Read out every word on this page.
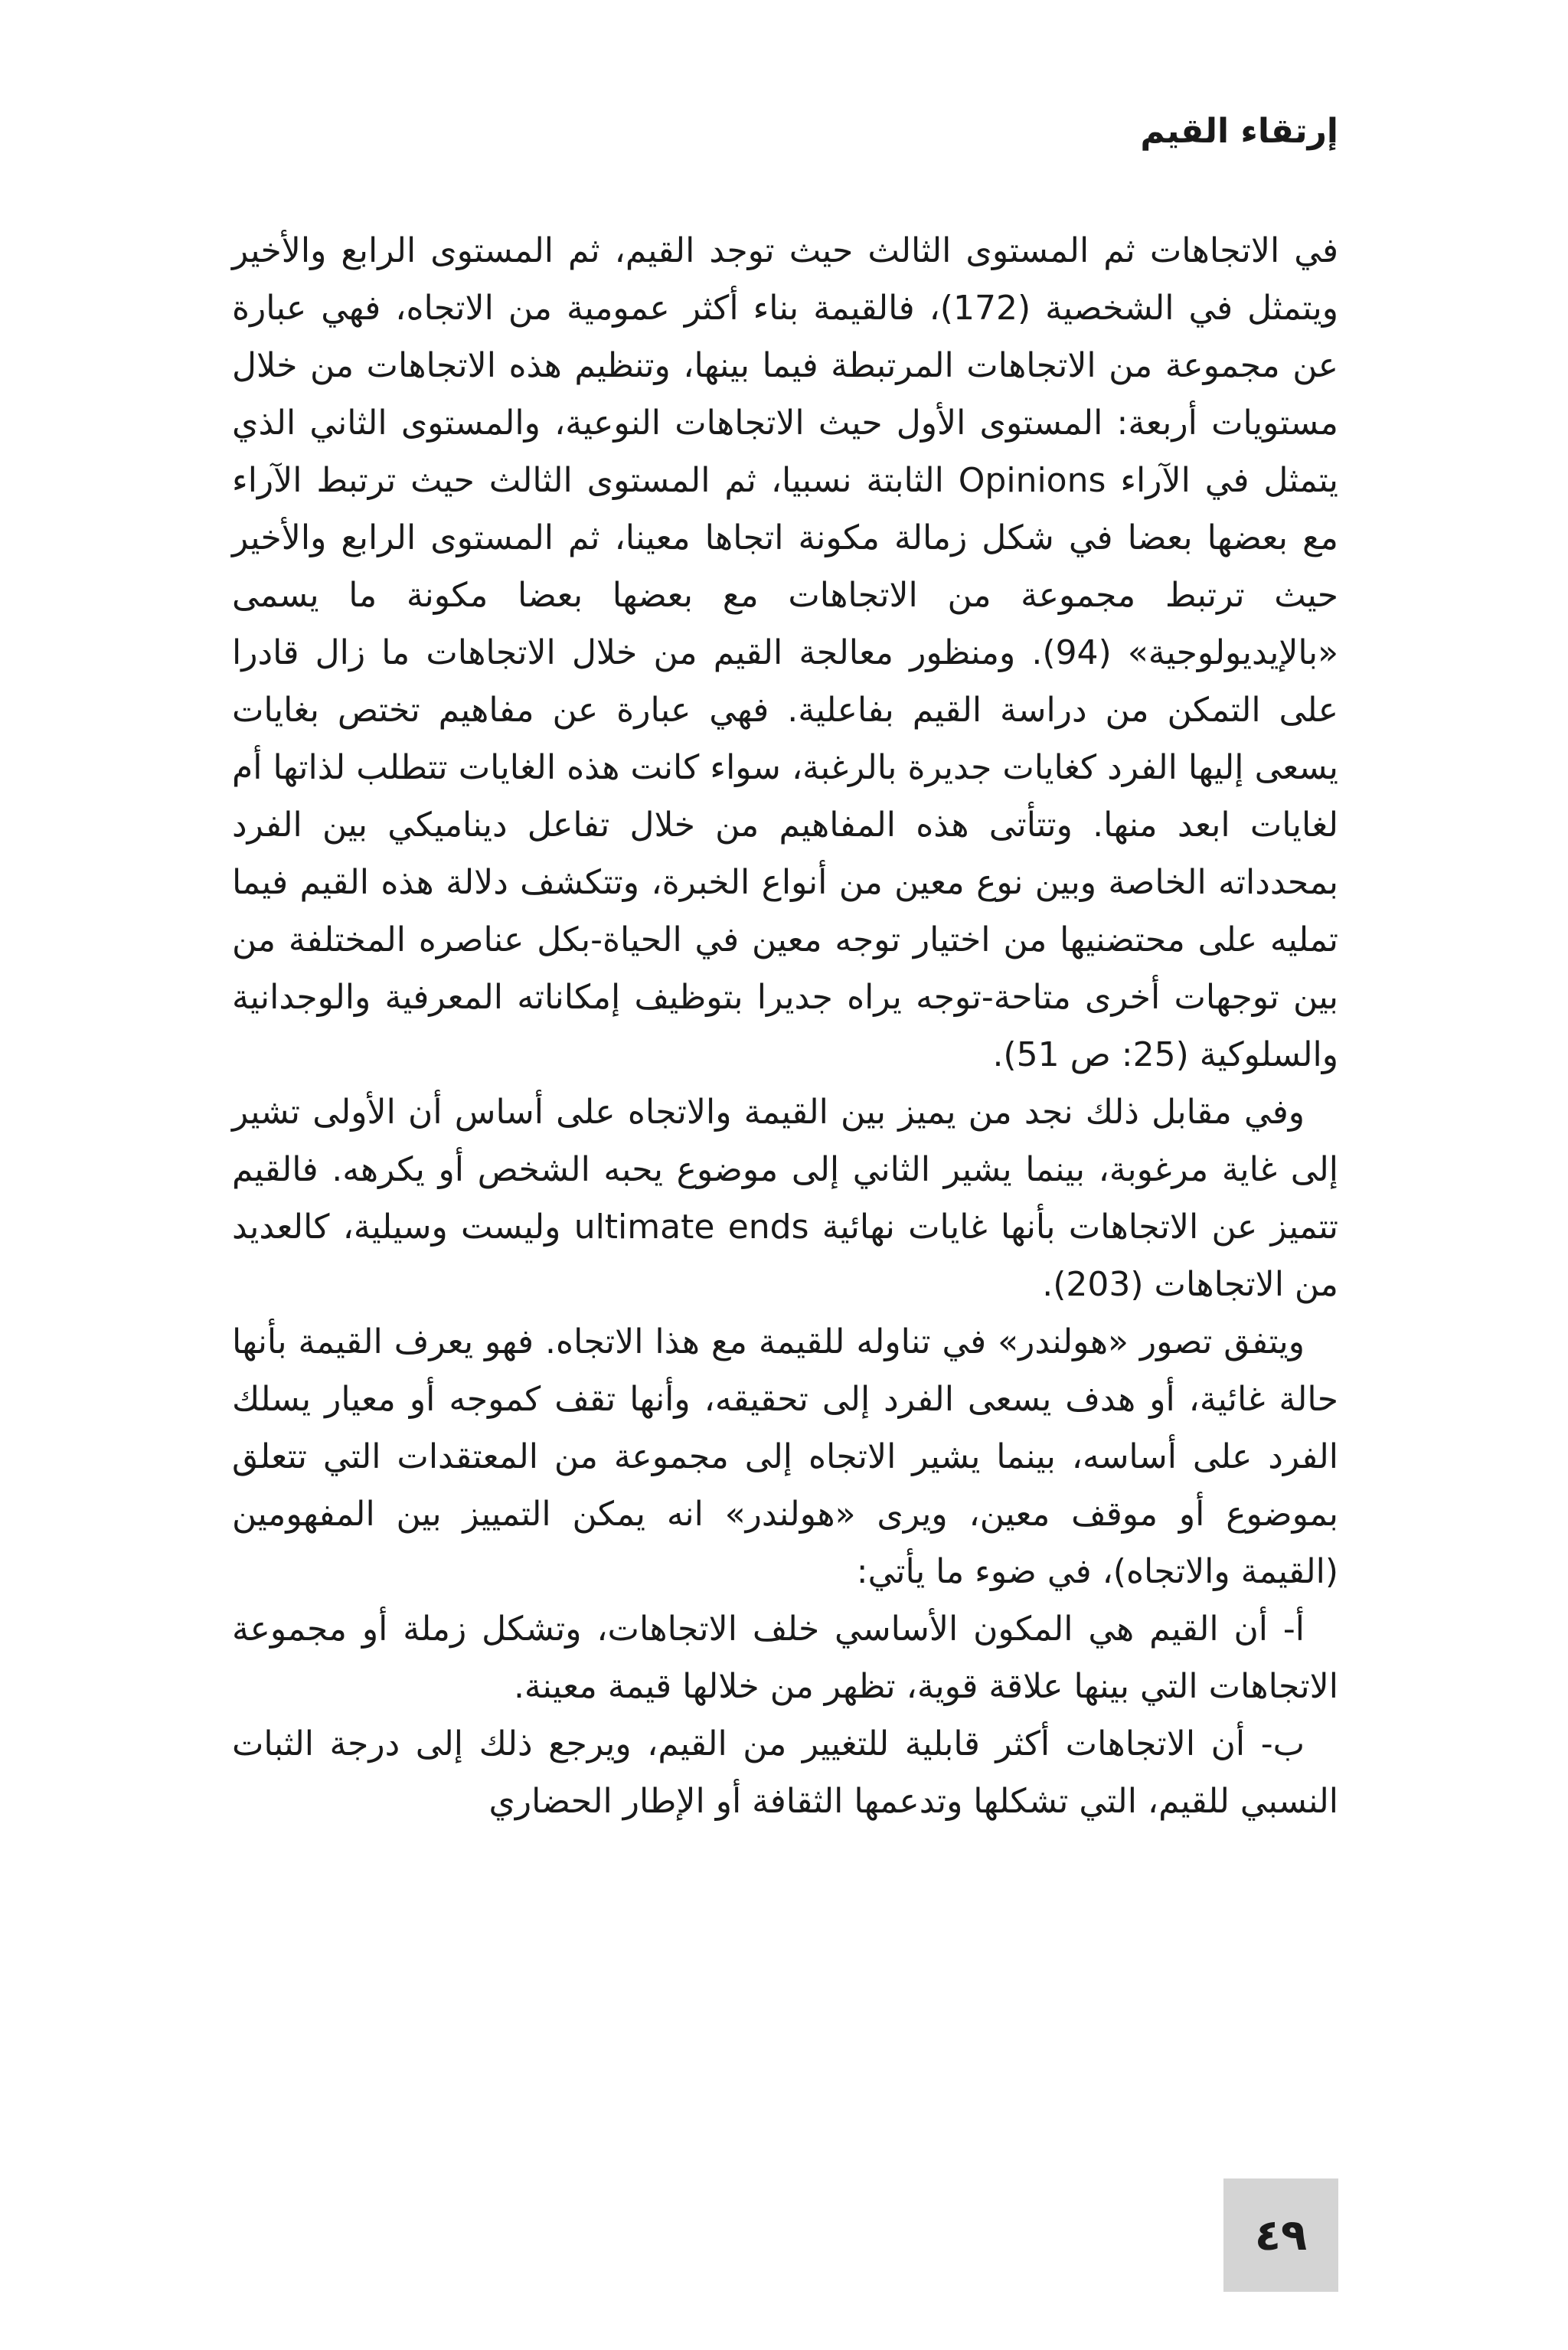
إرتقاء القيم

في الاتجاهات ثم المستوى الثالث حيث توجد القيم، ثم المستوى الرابع والأخير ويتمثل في الشخصية (172)، فالقيمة بناء أكثر عمومية من الاتجاه، فهي عبارة عن مجموعة من الاتجاهات المرتبطة فيما بينها، وتنظيم هذه الاتجاهات من خلال مستويات أربعة: المستوى الأول حيث الاتجاهات النوعية، والمستوى الثاني الذي يتمثل في الآراء Opinions الثابتة نسبيا، ثم المستوى الثالث حيث ترتبط الآراء مع بعضها بعضا في شكل زمالة مكونة اتجاها معينا، ثم المستوى الرابع والأخير حيث ترتبط مجموعة من الاتجاهات مع بعضها بعضا مكونة ما يسمى «بالإيديولوجية» (94). ومنظور معالجة القيم من خلال الاتجاهات ما زال قادرا على التمكن من دراسة القيم بفاعلية. فهي عبارة عن مفاهيم تختص بغايات يسعى إليها الفرد كغايات جديرة بالرغبة، سواء كانت هذه الغايات تتطلب لذاتها أم لغايات ابعد منها. وتتأتى هذه المفاهيم من خلال تفاعل ديناميكي بين الفرد بمحدداته الخاصة وبين نوع معين من أنواع الخبرة، وتتكشف دلالة هذه القيم فيما تمليه على محتضنيها من اختيار توجه معين في الحياة-بكل عناصره المختلفة من بين توجهات أخرى متاحة-توجه يراه جديرا بتوظيف إمكاناته المعرفية والوجدانية والسلوكية (25: ص 51).

وفي مقابل ذلك نجد من يميز بين القيمة والاتجاه على أساس أن الأولى تشير إلى غاية مرغوبة، بينما يشير الثاني إلى موضوع يحبه الشخص أو يكرهه. فالقيم تتميز عن الاتجاهات بأنها غايات نهائية ultimate ends وليست وسيلية، كالعديد من الاتجاهات (203).

ويتفق تصور «هولندر» في تناوله للقيمة مع هذا الاتجاه. فهو يعرف القيمة بأنها حالة غائية، أو هدف يسعى الفرد إلى تحقيقه، وأنها تقف كموجه أو معيار يسلك الفرد على أساسه، بينما يشير الاتجاه إلى مجموعة من المعتقدات التي تتعلق بموضوع أو موقف معين، ويرى «هولندر» انه يمكن التمييز بين المفهومين (القيمة والاتجاه)، في ضوء ما يأتي:

أ- أن القيم هي المكون الأساسي خلف الاتجاهات، وتشكل زملة أو مجموعة الاتجاهات التي بينها علاقة قوية، تظهر من خلالها قيمة معينة.

ب- أن الاتجاهات أكثر قابلية للتغيير من القيم، ويرجع ذلك إلى درجة الثبات النسبي للقيم، التي تشكلها وتدعمها الثقافة أو الإطار الحضاري

٤٩
